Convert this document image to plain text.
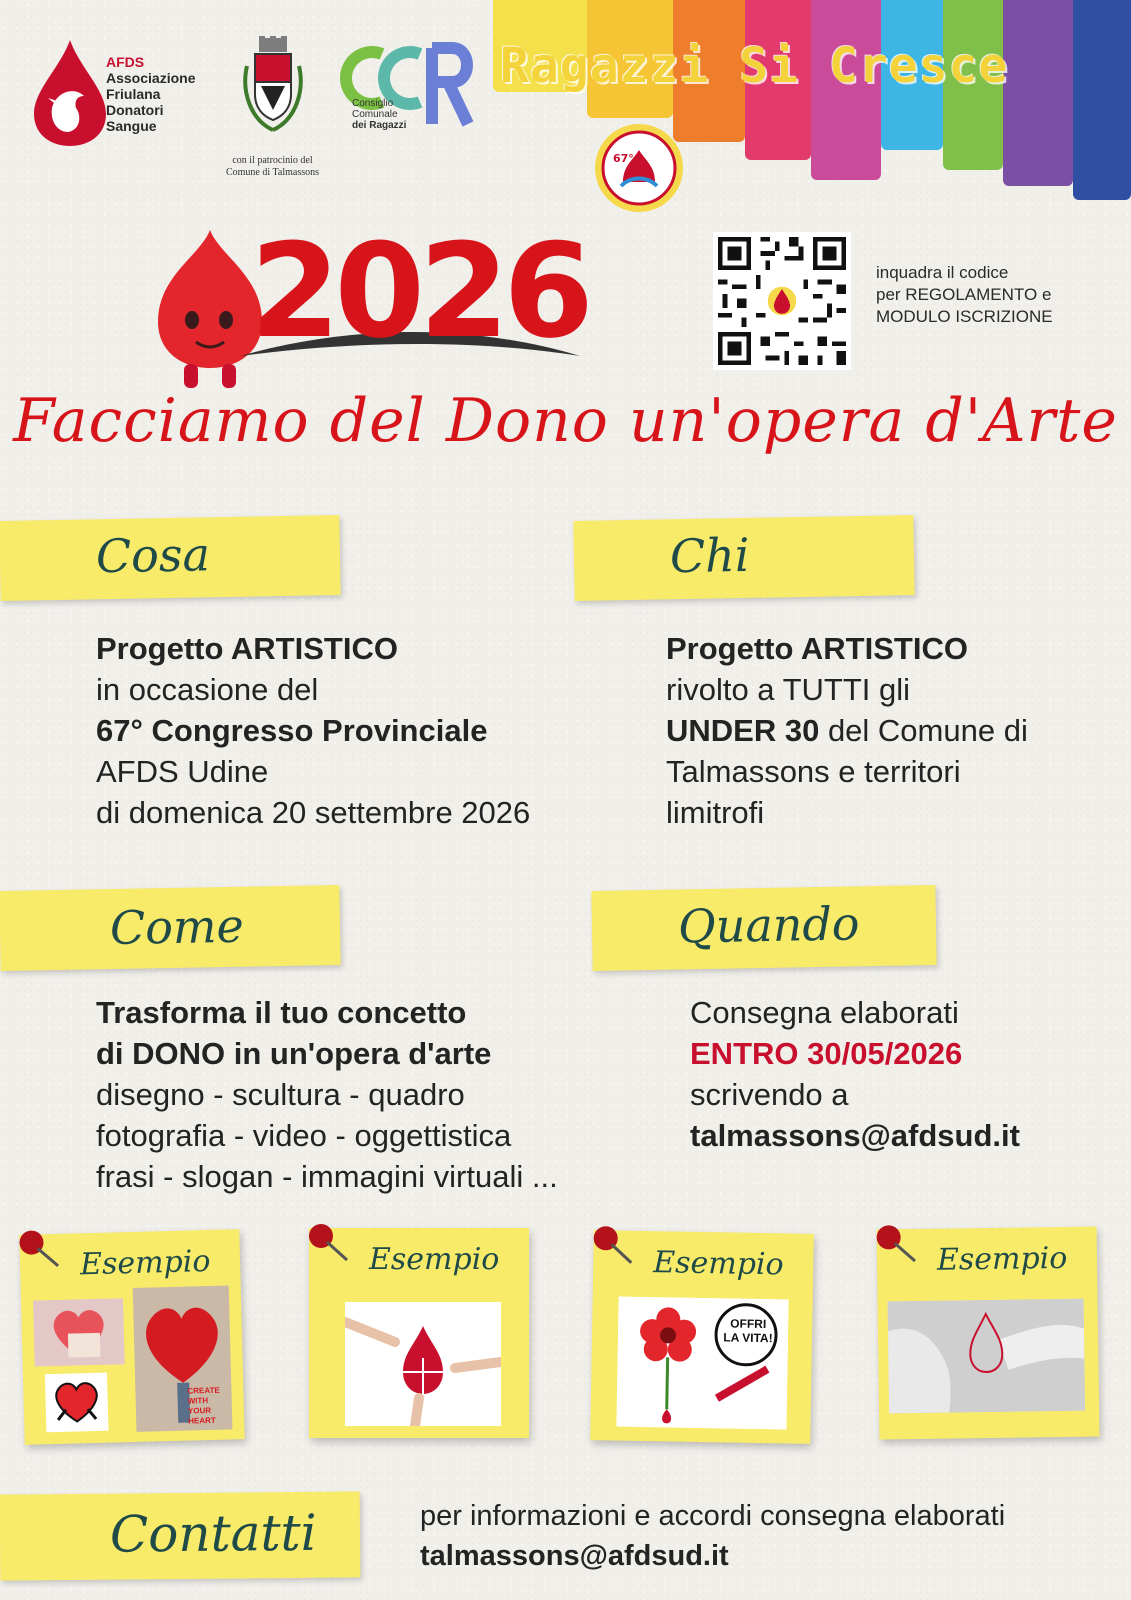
AFDS
Associazione
Friulana
Donatori
Sangue
con il patrocinio del
Comune di Talmassons
Consiglio
Comunale
dei Ragazzi
Ragazzi Si Cresce
67°
2026	inquadra il codice
per REGOLAMENTO e
MODULO ISCRIZIONE
Facciamo del Dono un'opera d'Arte
Cosa
Progetto ARTISTICO
in occasione del
67° Congresso Provinciale
AFDS Udine
di domenica 20 settembre 2026
Chi
Progetto ARTISTICO
rivolto a TUTTI gli
UNDER 30 del Comune di
Talmassons e territori
limitrofi
Come
Trasforma il tuo concetto
di DONO in un'opera d'arte
disegno - scultura - quadro
fotografia - video - oggettistica
frasi - slogan - immagini virtuali ...
Quando
Consegna elaborati
ENTRO 30/05/2026
scrivendo a
talmassons@afdsud.it
Esempio
CREATE WITH YOUR HEART
Esempio	Esempio
OFFRI LA VITA!
Esempio
Contatti	per informazioni e accordi consegna elaborati
talmassons@afdsud.it
